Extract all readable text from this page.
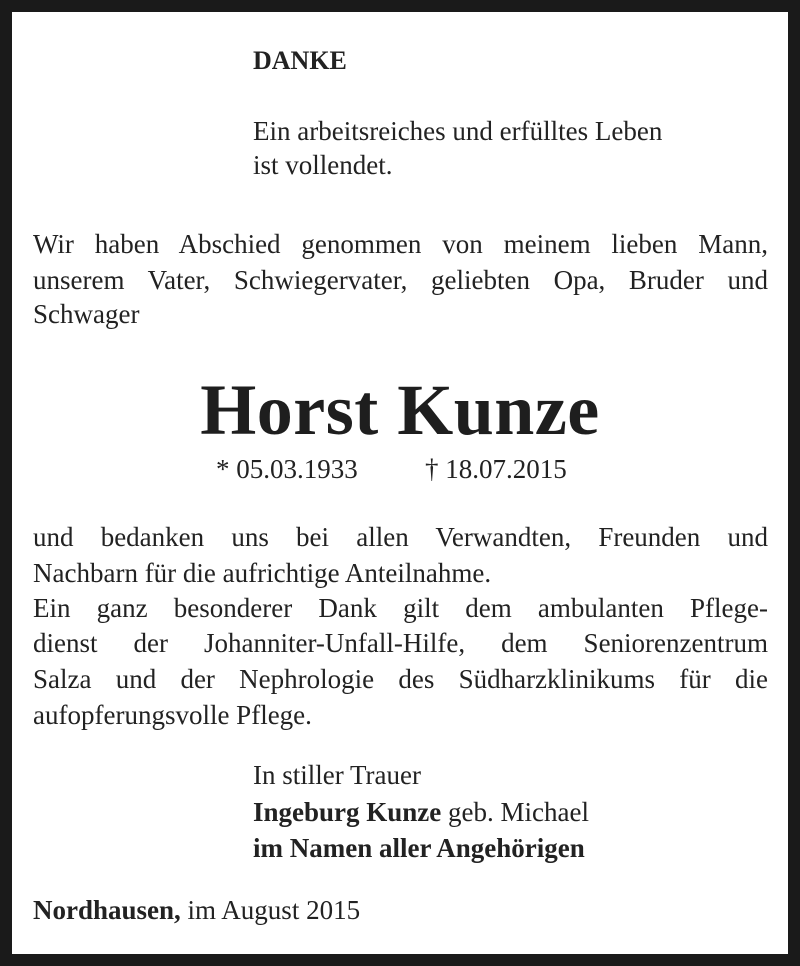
DANKE

Ein arbeitsreiches und erfülltes Leben

ist vollendet.

Wir haben Abschied genommen von meinem lieben Mann,

unserem Vater, Schwiegervater, geliebten Opa, Bruder und

Schwager

Horst Kunze

* 05.03.1933 † 18.07.2015

und bedanken uns bei allen Verwandten, Freunden und

Nachbarn für die aufrichtige Anteilnahme.

Ein ganz besonderer Dank gilt dem ambulanten Pflege-

dienst der Johanniter-Unfall-Hilfe, dem Seniorenzentrum

Salza und der Nephrologie des Südharzklinikums für die

aufopferungsvolle Pflege.

In stiller Trauer

Ingeburg Kunze geb. Michael

im Namen aller Angehörigen

Nordhausen, im August 2015
